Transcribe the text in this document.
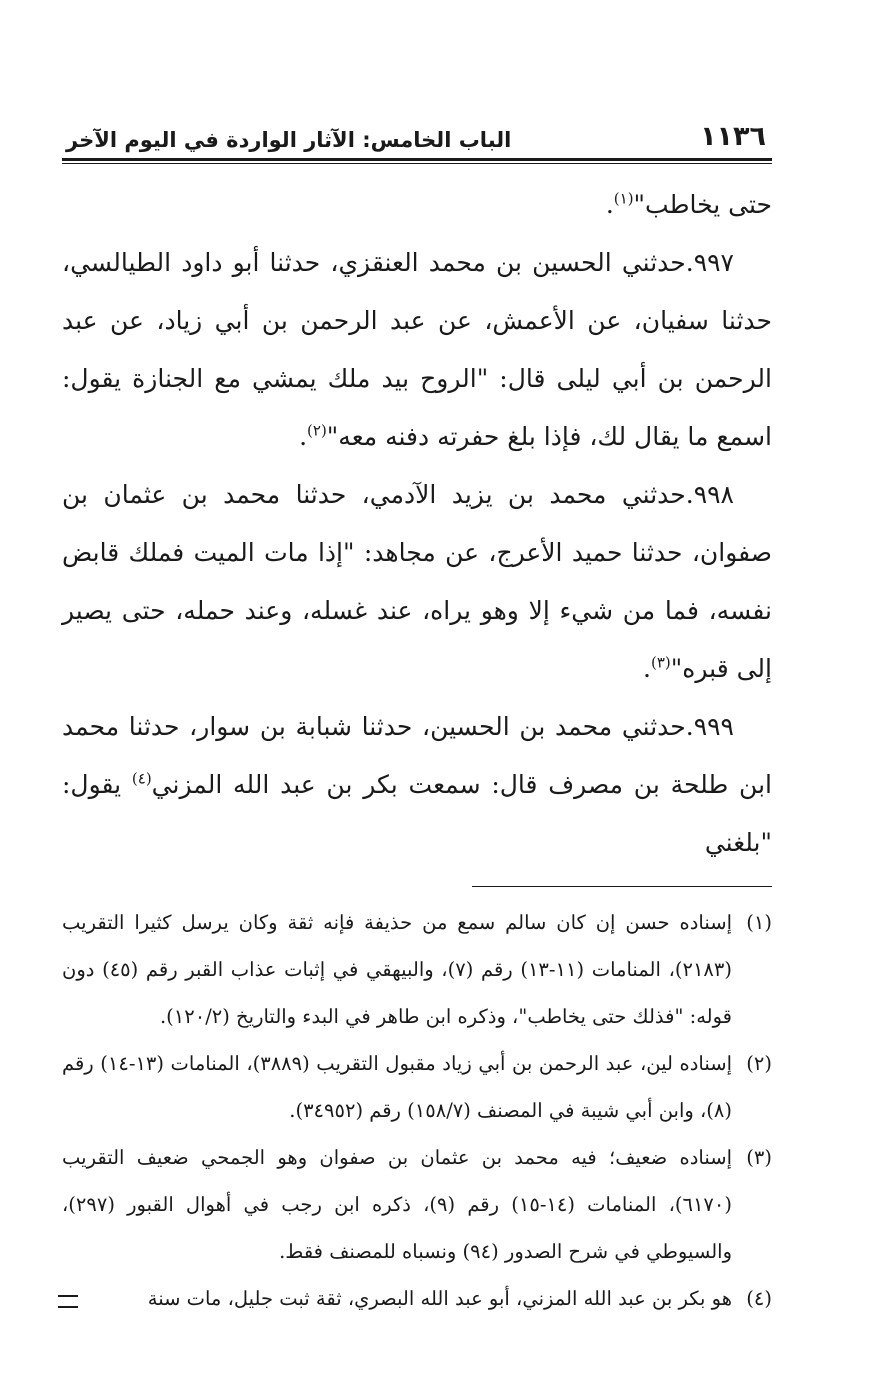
١١٣٦
الباب الخامس: الآثار الواردة في اليوم الآخر

حتى يخاطب"$^{(١)}$.

٩٩٧.حدثني الحسين بن محمد العنقزي، حدثنا أبو داود الطيالسي، حدثنا سفيان، عن الأعمش، عن عبد الرحمن بن أبي زياد، عن عبد الرحمن بن أبي ليلى قال: "الروح بيد ملك يمشي مع الجنازة يقول: اسمع ما يقال لك، فإذا بلغ حفرته دفنه معه"$^{(٢)}$.

٩٩٨.حدثني محمد بن يزيد الآدمي، حدثنا محمد بن عثمان بن صفوان، حدثنا حميد الأعرج، عن مجاهد: "إذا مات الميت فملك قابض نفسه، فما من شيء إلا وهو يراه، عند غسله، وعند حمله، حتى يصير إلى قبره"$^{(٣)}$.

٩٩٩.حدثني محمد بن الحسين، حدثنا شبابة بن سوار، حدثنا محمد ابن طلحة بن مصرف قال: سمعت بكر بن عبد الله المزني$^{(٤)}$ يقول: "بلغني

(١)
إسناده حسن إن كان سالم سمع من حذيفة فإنه ثقة وكان يرسل كثيرا التقريب (٢١٨٣)، المنامات (١١-١٣) رقم (٧)، والبيهقي في إثبات عذاب القبر رقم (٤٥) دون قوله: "فذلك حتى يخاطب"، وذكره ابن طاهر في البدء والتاريخ (١٢٠/٢).
(٢)
إسناده لين، عبد الرحمن بن أبي زياد مقبول التقريب (٣٨٨٩)، المنامات (١٣-١٤) رقم (٨)، وابن أبي شيبة في المصنف (١٥٨/٧) رقم (٣٤٩٥٢).
(٣)
إسناده ضعيف؛ فيه محمد بن عثمان بن صفوان وهو الجمحي ضعيف التقريب (٦١٧٠)، المنامات (١٤-١٥) رقم (٩)، ذكره ابن رجب في أهوال القبور (٢٩٧)، والسيوطي في شرح الصدور (٩٤) ونسباه للمصنف فقط.
(٤)
هو بكر بن عبد الله المزني، أبو عبد الله البصري، ثقة ثبت جليل، مات سنة
